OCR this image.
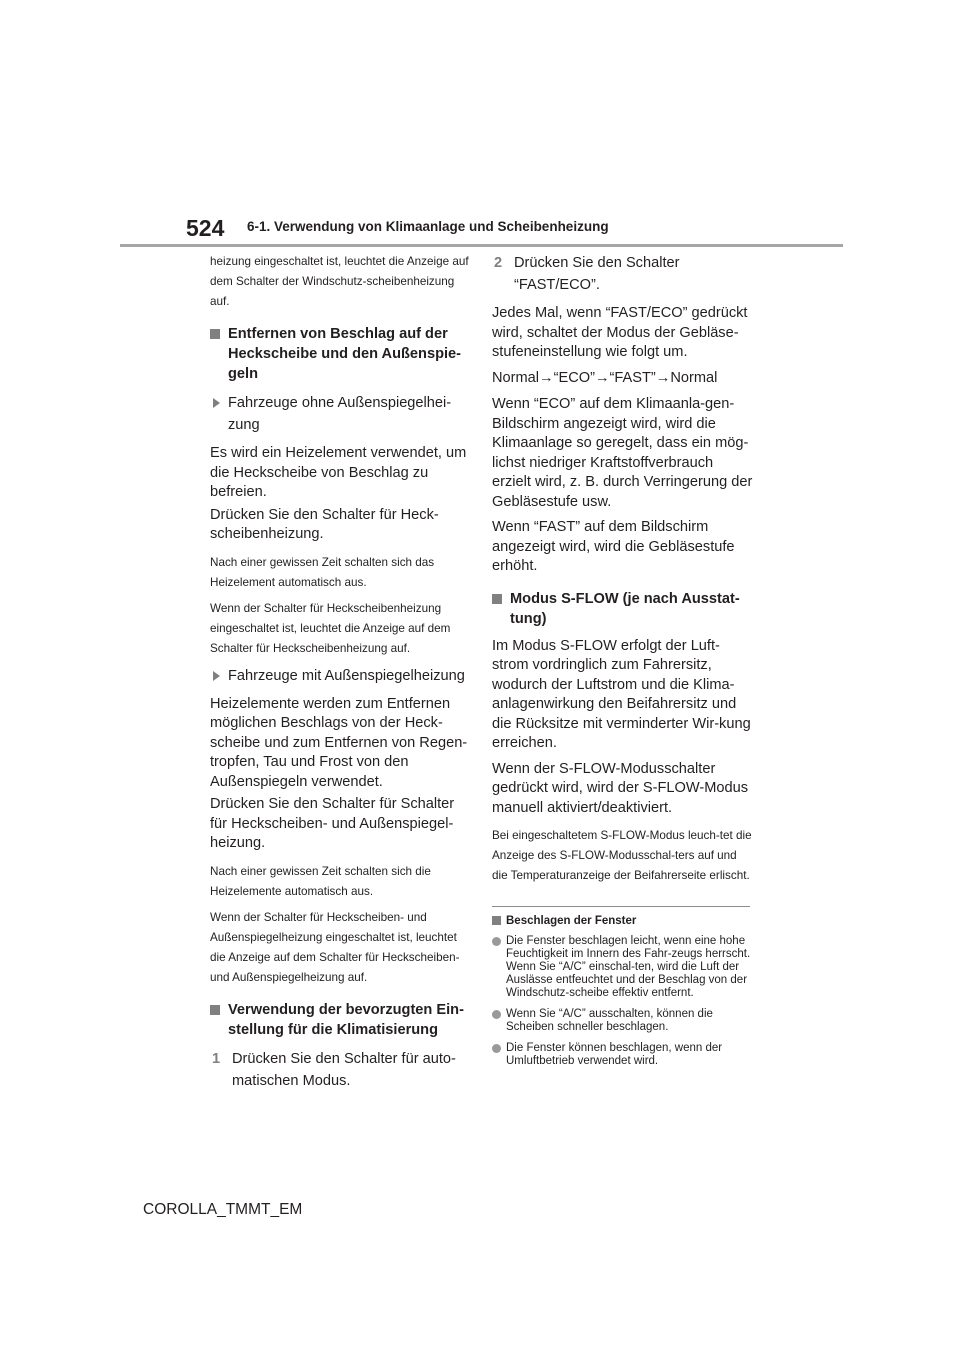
524 6-1. Verwendung von Klimaanlage und Scheibenheizung

heizung eingeschaltet ist, leuchtet die Anzeige auf dem Schalter der Windschutz-scheibenheizung auf.

Entfernen von Beschlag auf der Heckscheibe und den Außenspie-geln
Fahrzeuge ohne Außenspiegelhei-zung

Es wird ein Heizelement verwendet, um die Heckscheibe von Beschlag zu befreien.

Drücken Sie den Schalter für Heck-scheibenheizung.

Nach einer gewissen Zeit schalten sich das Heizelement automatisch aus.

Wenn der Schalter für Heckscheibenheizung eingeschaltet ist, leuchtet die Anzeige auf dem Schalter für Heckscheibenheizung auf.

Fahrzeuge mit Außenspiegelheizung

Heizelemente werden zum Entfernen möglichen Beschlags von der Heck-scheibe und zum Entfernen von Regen-tropfen, Tau und Frost von den Außenspiegeln verwendet.

Drücken Sie den Schalter für Schalter für Heckscheiben- und Außenspiegel-heizung.

Nach einer gewissen Zeit schalten sich die Heizelemente automatisch aus.

Wenn der Schalter für Heckscheiben- und Außenspiegelheizung eingeschaltet ist, leuchtet die Anzeige auf dem Schalter für Heckscheiben- und Außenspiegelheizung auf.

Verwendung der bevorzugten Ein-stellung für die Klimatisierung
1 Drücken Sie den Schalter für auto-matischen Modus.
2 Drücken Sie den Schalter “FAST/ECO”.

Jedes Mal, wenn “FAST/ECO” gedrückt wird, schaltet der Modus der Gebläse-stufeneinstellung wie folgt um.

Normal→“ECO”→“FAST”→Normal

Wenn “ECO” auf dem Klimaanla-gen-Bildschirm angezeigt wird, wird die Klimaanlage so geregelt, dass ein mög-lichst niedriger Kraftstoffverbrauch erzielt wird, z. B. durch Verringerung der Gebläsestufe usw.

Wenn “FAST” auf dem Bildschirm angezeigt wird, wird die Gebläsestufe erhöht.

Modus S-FLOW (je nach Ausstat-tung)

Im Modus S-FLOW erfolgt der Luft-strom vordringlich zum Fahrersitz, wodurch der Luftstrom und die Klima-anlagenwirkung den Beifahrersitz und die Rücksitze mit verminderter Wir-kung erreichen.

Wenn der S-FLOW-Modusschalter gedrückt wird, wird der S-FLOW-Modus manuell aktiviert/deaktiviert.

Bei eingeschaltetem S-FLOW-Modus leuch-tet die Anzeige des S-FLOW-Modusschal-ters auf und die Temperaturanzeige der Beifahrerseite erlischt.

Beschlagen der Fenster
Die Fenster beschlagen leicht, wenn eine hohe Feuchtigkeit im Innern des Fahr-zeugs herrscht. Wenn Sie “A/C” einschal-ten, wird die Luft der Auslässe entfeuchtet und der Beschlag von der Windschutz-scheibe effektiv entfernt.
Wenn Sie “A/C” ausschalten, können die Scheiben schneller beschlagen.
Die Fenster können beschlagen, wenn der Umluftbetrieb verwendet wird.
COROLLA_TMMT_EM
